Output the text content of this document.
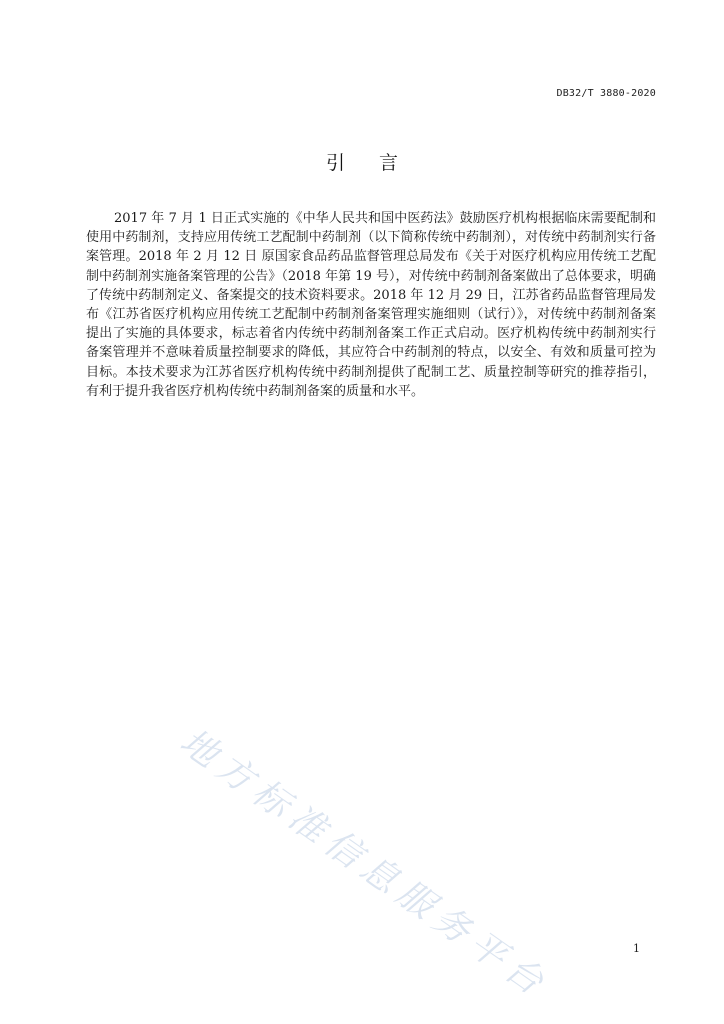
DB32/T 3880-2020
引言

2017 年 7 月 1 日正式实施的《中华人民共和国中医药法》鼓励医疗机构根据临床需要配制和使用中药制剂，支持应用传统工艺配制中药制剂（以下简称传统中药制剂），对传统中药制剂实行备案管理。2018 年 2 月 12 日 原国家食品药品监督管理总局发布《关于对医疗机构应用传统工艺配制中药制剂实施备案管理的公告》（2018 年第 19 号），对传统中药制剂备案做出了总体要求，明确了传统中药制剂定义、备案提交的技术资料要求。2018 年 12 月 29 日，江苏省药品监督管理局发布《江苏省医疗机构应用传统工艺配制中药制剂备案管理实施细则（试行）》，对传统中药制剂备案提出了实施的具体要求，标志着省内传统中药制剂备案工作正式启动。医疗机构传统中药制剂实行备案管理并不意味着质量控制要求的降低，其应符合中药制剂的特点，以安全、有效和质量可控为目标。本技术要求为江苏省医疗机构传统中药制剂提供了配制工艺、质量控制等研究的推荐指引，有利于提升我省医疗机构传统中药制剂备案的质量和水平。

地方标准信息服务平台	1
